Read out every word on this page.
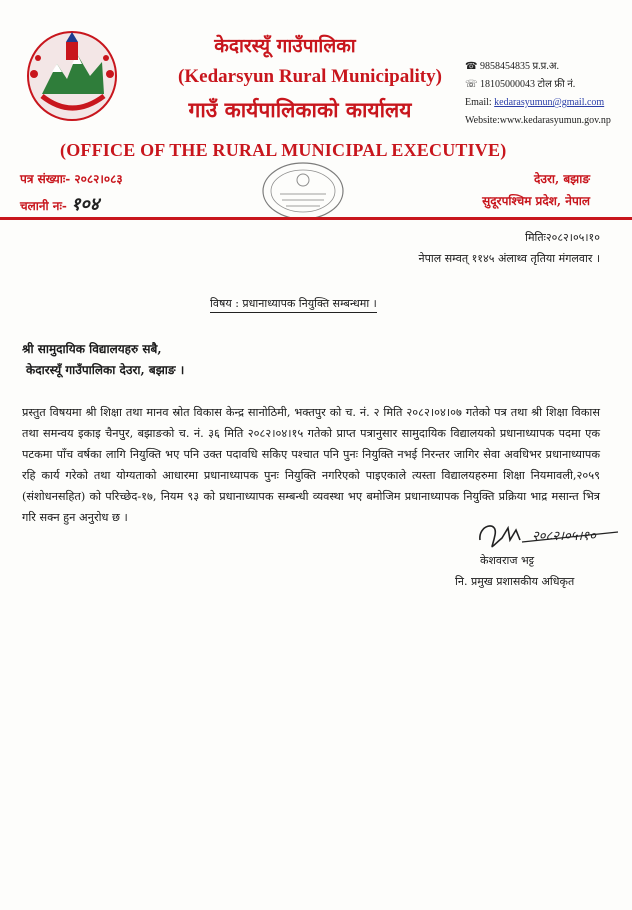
केदारस्यूँ गाउँपालिका
(Kedarsyun Rural Municipality)
गाउँ कार्यपालिकाको कार्यालय
☎ 9858454835 प्र.प्र.अ.
☏ 18105000043 टोल फ्री नं.
Email: kedarasyumun@gmail.com
Website:www.kedarasyumun.gov.np
(OFFICE OF THE RURAL MUNICIPAL EXECUTIVE)
पत्र संख्याः- २०८२।०८३
चलानी नः- १०४
देउरा, बझाङ
सुदूरपश्चिम प्रदेश, नेपाल
मितिः२०८२।०५।१०
नेपाल सम्वत् ११४५ अंलाथ्व तृतिया मंगलवार ।
विषय : प्रधानाध्यापक नियुक्ति सम्बन्धमा ।
श्री सामुदायिक विद्यालयहरु सबै,
केदारस्यूँ गाउँपालिका देउरा, बझाङ ।
प्रस्तुत विषयमा श्री शिक्षा तथा मानव स्रोत विकास केन्द्र सानोठिमी, भक्तपुर को च. नं. २ मिति २०८२।०४।०७ गतेको पत्र तथा श्री शिक्षा विकास तथा समन्वय इकाइ चैनपुर, बझाङको च. नं. ३६ मिति २०८२।०४।१५ गतेको प्राप्त पत्रानुसार सामुदायिक विद्यालयको प्रधानाध्यापक पदमा एक पटकमा पाँच वर्षका लागि नियुक्ति भए पनि उक्त पदावधि सकिए पश्चात पनि पुनः नियुक्ति नभई निरन्तर जागिर सेवा अवधिभर प्रधानाध्यापक रहि कार्य गरेको तथा योग्यताको आधारमा प्रधानाध्यापक पुनः नियुक्ति नगरिएको पाइएकाले त्यस्ता विद्यालयहरुमा शिक्षा नियमावली,२०५९ (संशोधनसहित) को परिच्छेद-१७, नियम ९३ को प्रधानाध्यापक सम्बन्धी व्यवस्था भए बमोजिम प्रधानाध्यापक नियुक्ति प्रक्रिया भाद्र मसान्त भित्र गरि सक्न हुन अनुरोध छ ।
२०८२।०५।१०
केशवराज भट्ट
नि. प्रमुख प्रशासकीय अधिकृत
